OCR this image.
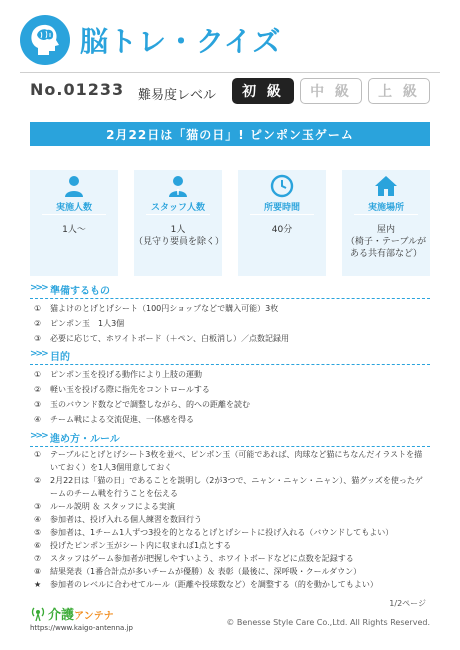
脳トレ・クイズ
No.01233 難易度レベル	初 級	中 級	上 級
2月22日は「猫の日」! ピンポン玉ゲーム
実施人数
1人〜
スタッフ人数
1人
（見守り要員を除く）
所要時間
40分
実施場所
屋内
（椅子・テーブルが
ある共有部など）
>>> 準備するもの
①	猫よけのとげとげシート（100円ショップなどで購入可能）3枚
②	ピンポン玉　1人3個
③	必要に応じて、ホワイトボード（＋ペン、白板消し）／点数記録用
>>> 目的
①	ピンポン玉を投げる動作により上肢の運動
②	軽い玉を投げる際に指先をコントロールする
③	玉のバウンド数などで調整しながら、的への距離を読む
④	チーム戦による交流促進、一体感を得る
>>> 進め方・ルール
①	テーブルにとげとげシート3枚を並べ、ピンポン玉（可能であれば、肉球など猫にちなんだイラストを描いておく）を1人3個用意しておく
②	2月22日は「猫の日」であることを説明し（2が3つで、ニャン・ニャン・ニャン）、猫グッズを使ったゲームのチーム戦を行うことを伝える
③	ルール説明 ＆ スタッフによる実演
④	参加者は、投げ入れる個人練習を数回行う
⑤	参加者は、1チーム1人ずつ3投を的となるとげとげシートに投げ入れる（バウンドしてもよい）
⑥	投げたピンポン玉がシート内に収まれば1点とする
⑦	スタッフはゲーム参加者が把握しやすいよう、ホワイトボードなどに点数を記録する
⑧	結果発表（1番合計点が多いチームが優勝）＆ 表彰（最後に、深呼吸・クールダウン）
★	参加者のレベルに合わせてルール（距離や投球数など）を調整する（的を動かしてもよい）
1/2ページ
介護アンテナ
https://www.kaigo-antenna.jp
© Benesse Style Care Co.,Ltd. All Rights Reserved.
